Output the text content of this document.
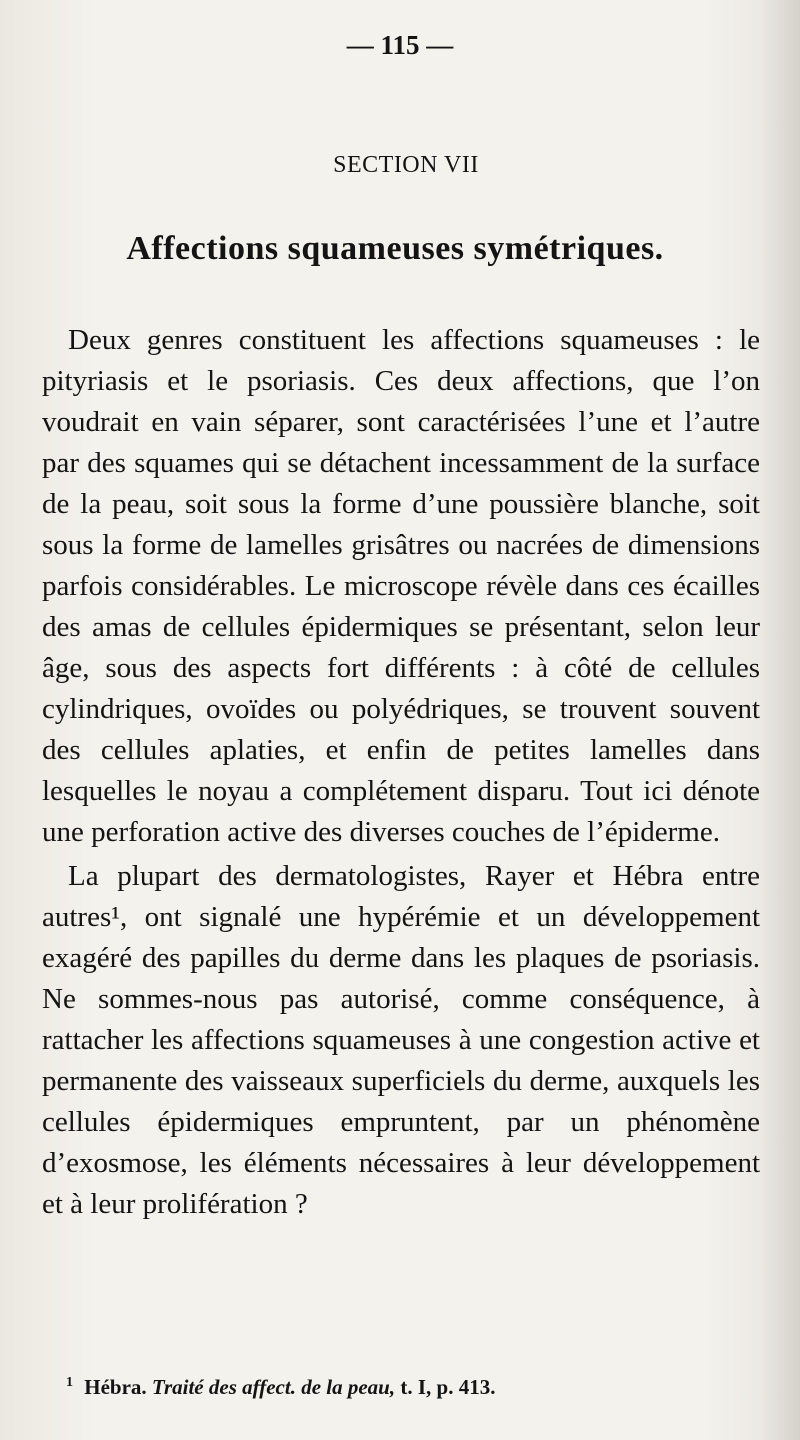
— 115 —
SECTION VII
Affections squameuses symétriques.

Deux genres constituent les affections squameuses : le pityriasis et le psoriasis. Ces deux affections, que l’on voudrait en vain séparer, sont caractérisées l’une et l’autre par des squames qui se détachent incessamment de la surface de la peau, soit sous la forme d’une poussière blanche, soit sous la forme de lamelles grisâtres ou nacrées de dimensions parfois considérables. Le microscope révèle dans ces écailles des amas de cellules épidermiques se présentant, selon leur âge, sous des aspects fort différents : à côté de cellules cylindriques, ovoïdes ou polyédriques, se trouvent souvent des cellules aplaties, et enfin de petites lamelles dans lesquelles le noyau a complétement disparu. Tout ici dénote une perforation active des diverses couches de l’épiderme.

La plupart des dermatologistes, Rayer et Hébra entre autres¹, ont signalé une hypérémie et un développement exagéré des papilles du derme dans les plaques de psoriasis. Ne sommes-nous pas autorisé, comme conséquence, à rattacher les affections squameuses à une congestion active et permanente des vaisseaux superficiels du derme, auxquels les cellules épidermiques empruntent, par un phénomène d’exosmose, les éléments nécessaires à leur développement et à leur prolifération ?

$^1$ Hébra. Traité des affect. de la peau, t. I, p. 413.
